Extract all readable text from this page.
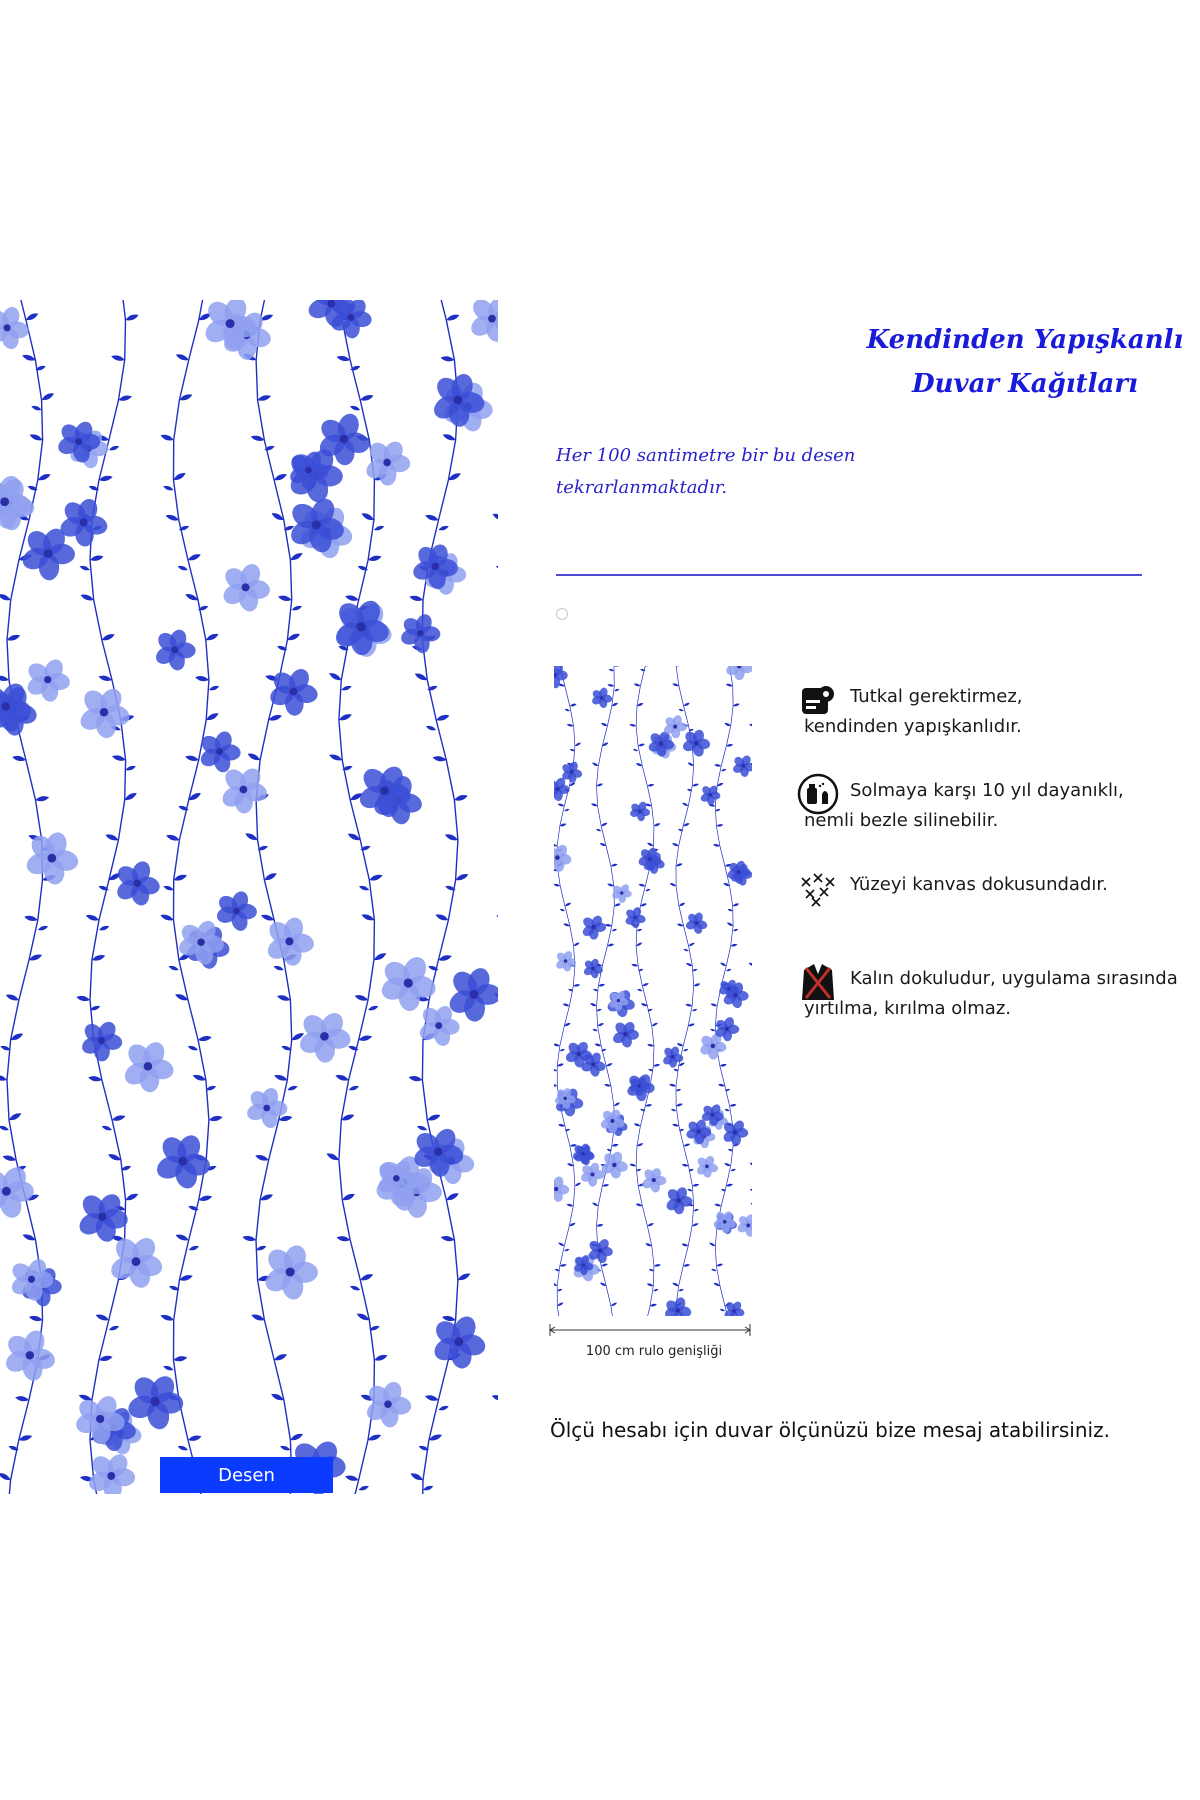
Desen
Kendinden Yapışkanlı
Duvar Kağıtları

Her 100 santimetre bir bu desen
tekrarlanmaktadır.

100 cm rulo genişliği
Tutkal gerektirmez,
kendinden yapışkanlıdır.
Solmaya karşı 10 yıl dayanıklı,
nemli bezle silinebilir.
Yüzeyi kanvas dokusundadır.
Kalın dokuludur, uygulama sırasında
yırtılma, kırılma olmaz.
Ölçü hesabı için duvar ölçünüzü bize mesaj atabilirsiniz.
